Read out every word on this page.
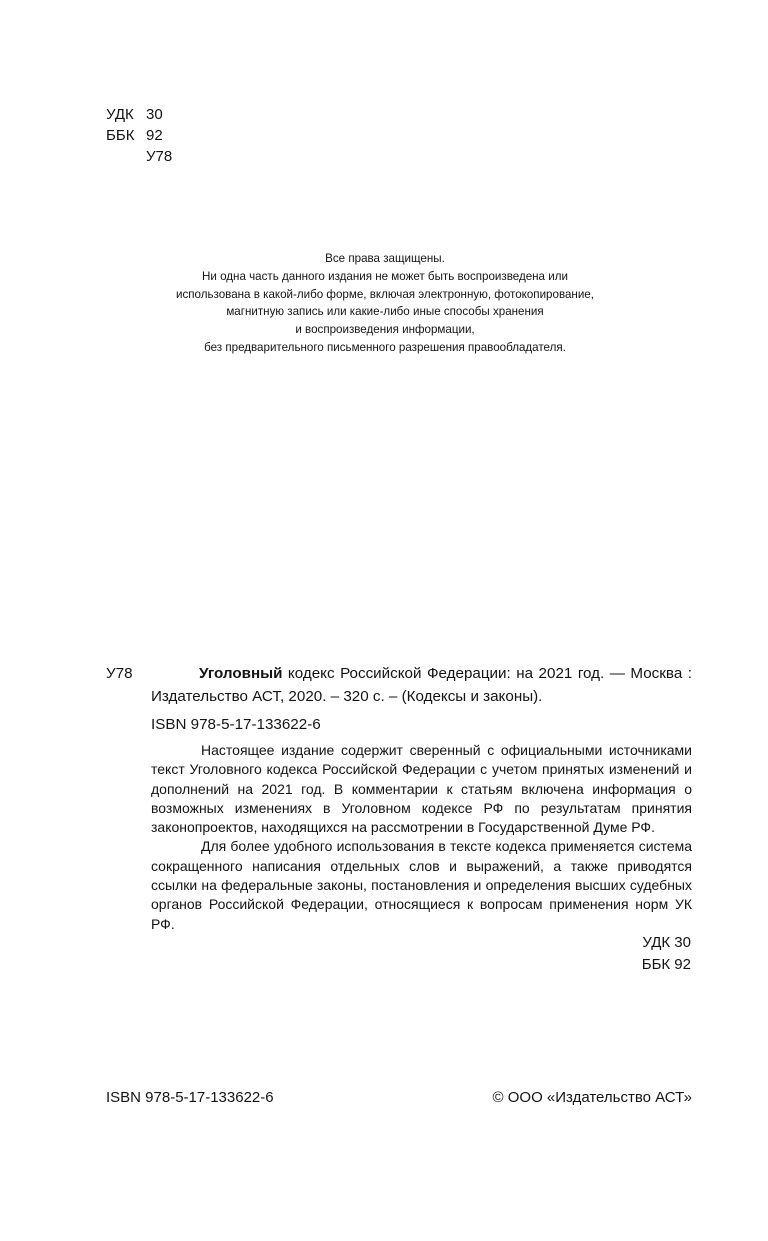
УДК 30
ББК 92
У78
Все права защищены.
Ни одна часть данного издания не может быть воспроизведена или
использована в какой-либо форме, включая электронную, фотокопирование,
магнитную запись или какие-либо иные способы хранения
и воспроизведения информации,
без предварительного письменного разрешения правообладателя.
У78	Уголовный кодекс Российской Федерации: на 2021 год. — Москва : Издательство АСТ, 2020. – 320 с. – (Кодексы и законы).
ISBN 978-5-17-133622-6

Настоящее издание содержит сверенный с официальными источниками текст Уголовного кодекса Российской Федерации с учетом принятых изменений и дополнений на 2021 год. В комментарии к статьям включена информация о возможных изменениях в Уголовном кодексе РФ по результатам принятия законопроектов, находящихся на рассмотрении в Государственной Думе РФ.

Для более удобного использования в тексте кодекса применяется система сокращенного написания отдельных слов и выражений, а также приводятся ссылки на федеральные законы, постановления и определения высших судебных органов Российской Федерации, относящиеся к вопросам применения норм УК РФ.

УДК 30
ББК 92
ISBN 978-5-17-133622-6	© ООО «Издательство АСТ»
